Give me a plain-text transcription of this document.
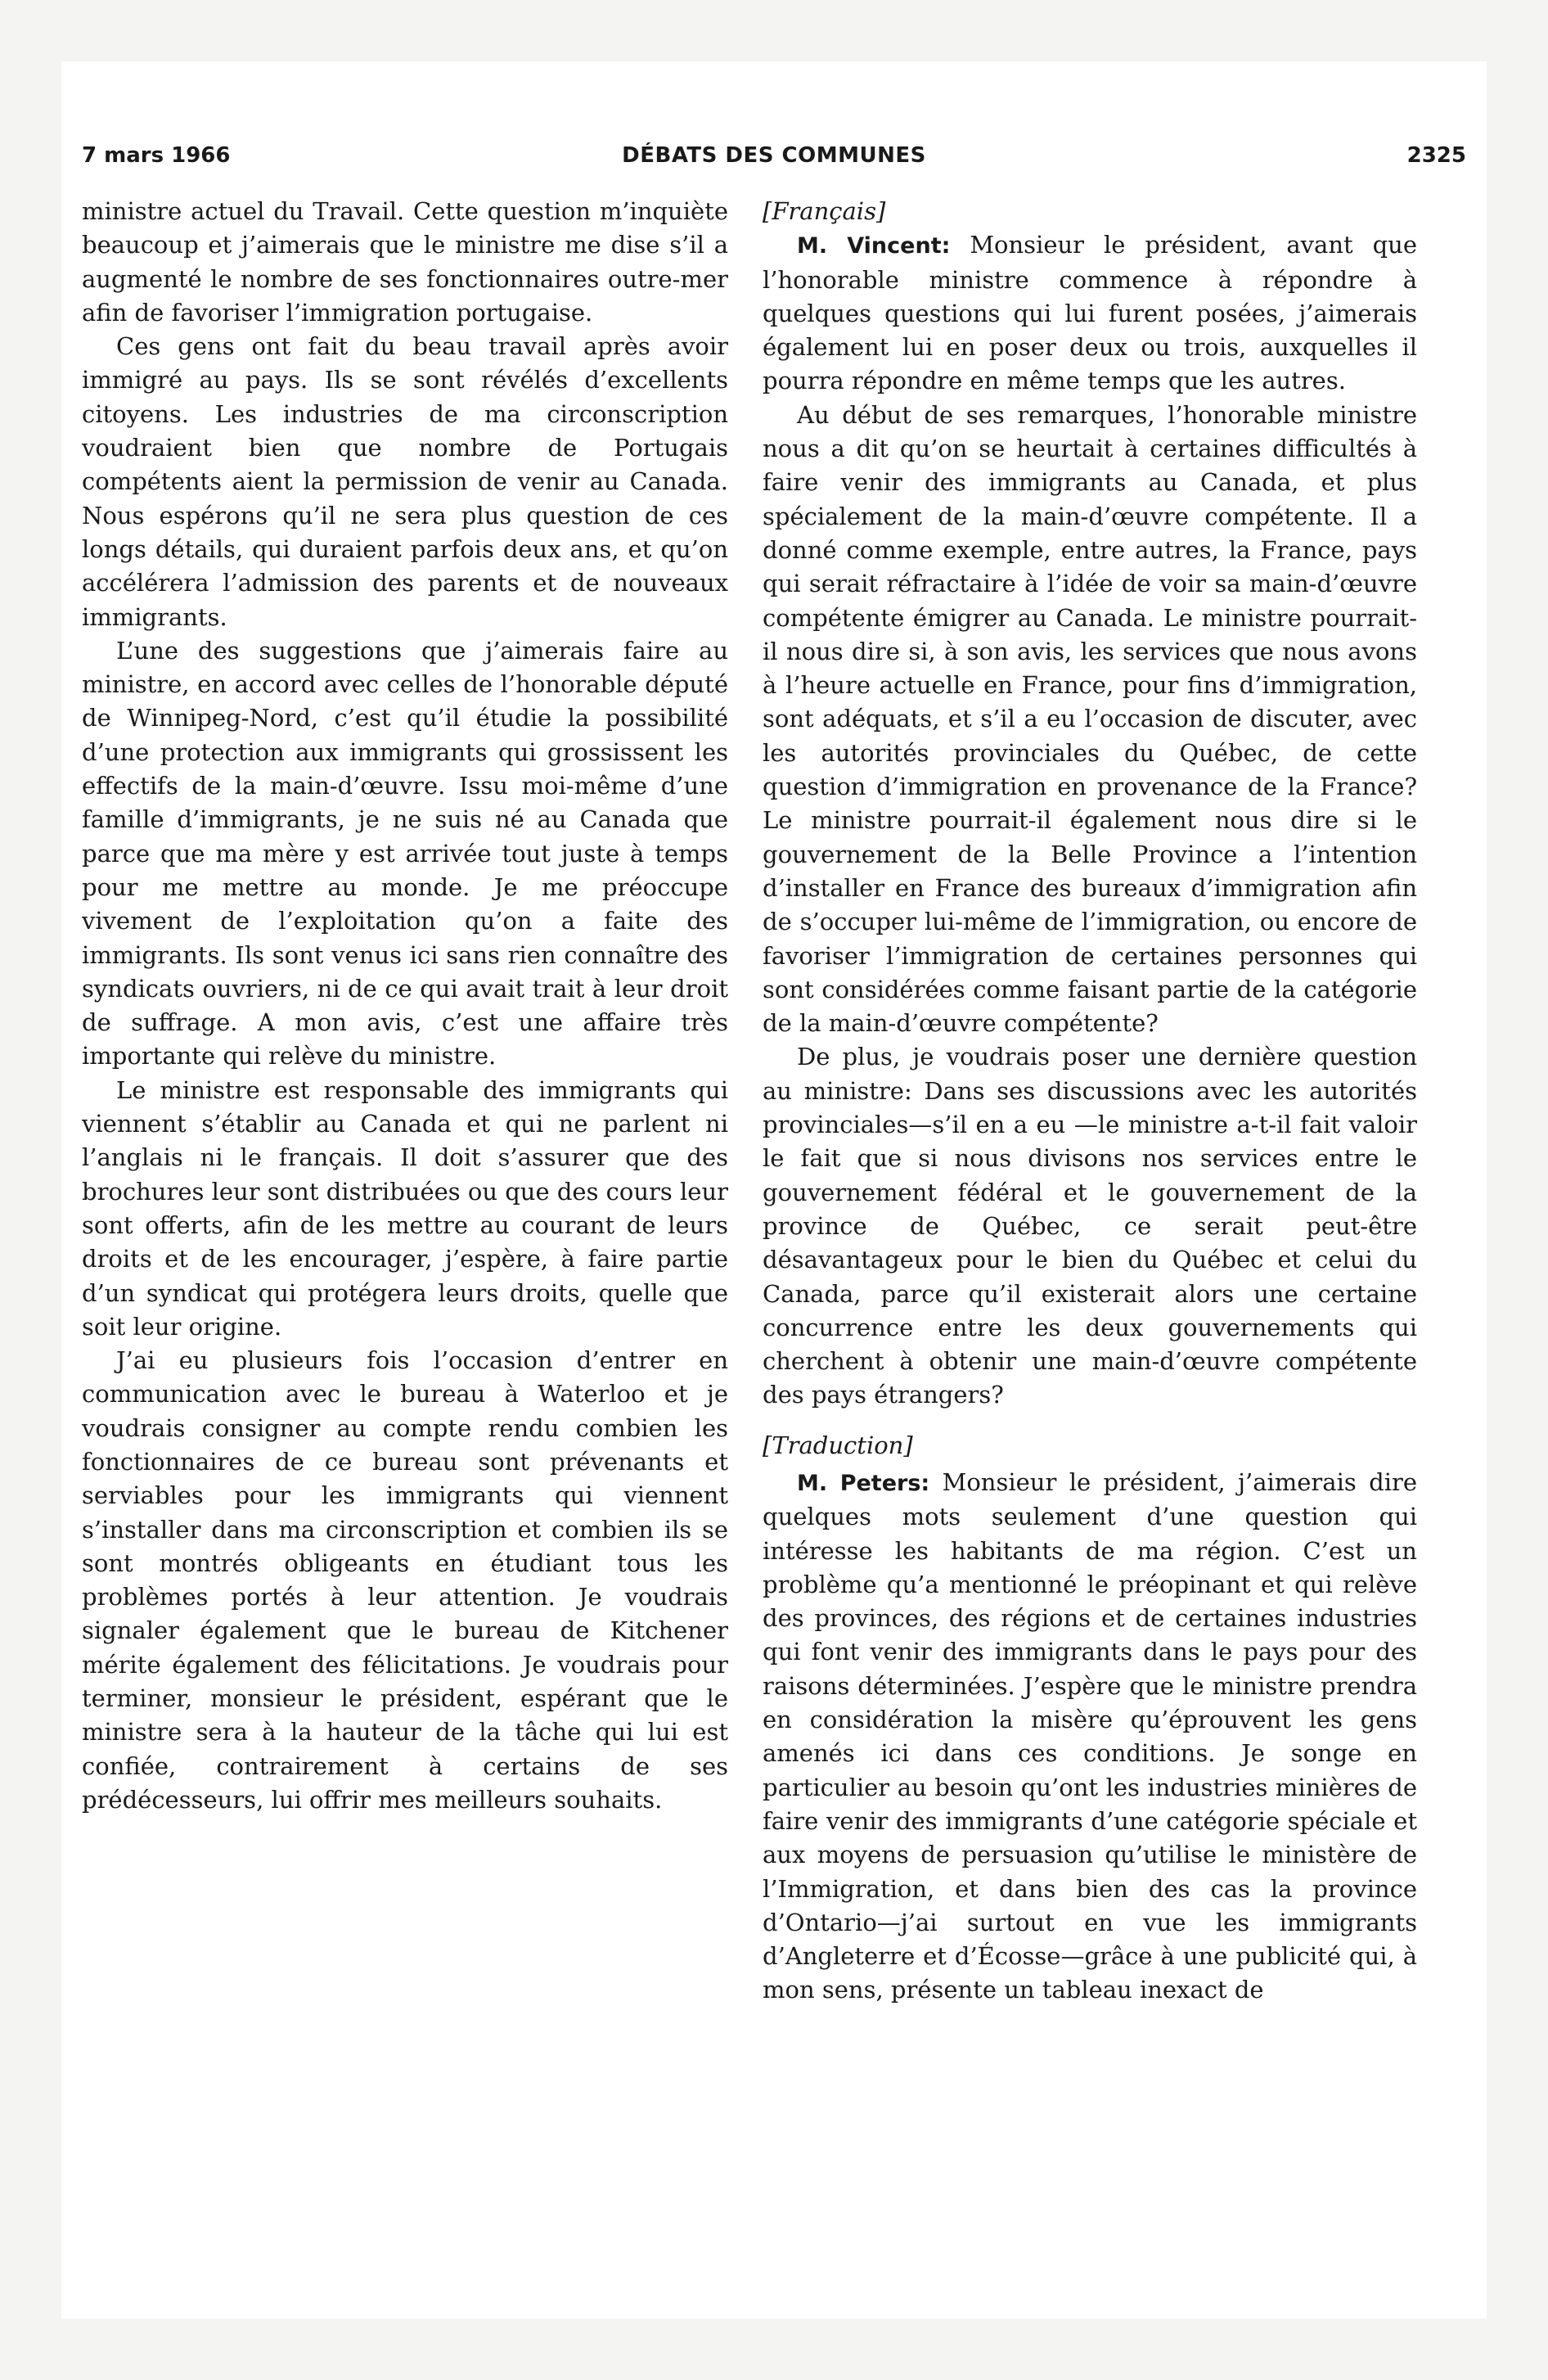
7 mars 1966	DÉBATS DES COMMUNES	2325

ministre actuel du Travail. Cette question m’inquiète beaucoup et j’aimerais que le ministre me dise s’il a augmenté le nombre de ses fonctionnaires outre-mer afin de favoriser l’immigration portugaise.

Ces gens ont fait du beau travail après avoir immigré au pays. Ils se sont révélés d’excellents citoyens. Les industries de ma circonscription voudraient bien que nombre de Portugais compétents aient la permission de venir au Canada. Nous espérons qu’il ne sera plus question de ces longs détails, qui duraient parfois deux ans, et qu’on accélérera l’admission des parents et de nouveaux immigrants.

L’une des suggestions que j’aimerais faire au ministre, en accord avec celles de l’honorable député de Winnipeg-Nord, c’est qu’il étudie la possibilité d’une protection aux immigrants qui grossissent les effectifs de la main-d’œuvre. Issu moi-même d’une famille d’immigrants, je ne suis né au Canada que parce que ma mère y est arrivée tout juste à temps pour me mettre au monde. Je me préoccupe vivement de l’exploitation qu’on a faite des immigrants. Ils sont venus ici sans rien connaître des syndicats ouvriers, ni de ce qui avait trait à leur droit de suffrage. A mon avis, c’est une affaire très importante qui relève du ministre.

Le ministre est responsable des immigrants qui viennent s’établir au Canada et qui ne parlent ni l’anglais ni le français. Il doit s’assurer que des brochures leur sont distribuées ou que des cours leur sont offerts, afin de les mettre au courant de leurs droits et de les encourager, j’espère, à faire partie d’un syndicat qui protégera leurs droits, quelle que soit leur origine.

J’ai eu plusieurs fois l’occasion d’entrer en communication avec le bureau à Waterloo et je voudrais consigner au compte rendu combien les fonctionnaires de ce bureau sont prévenants et serviables pour les immigrants qui viennent s’installer dans ma circonscription et combien ils se sont montrés obligeants en étudiant tous les problèmes portés à leur attention. Je voudrais signaler également que le bureau de Kitchener mérite également des félicitations. Je voudrais pour terminer, monsieur le président, espérant que le ministre sera à la hauteur de la tâche qui lui est confiée, contrairement à certains de ses prédécesseurs, lui offrir mes meilleurs souhaits.

[Français]

M. Vincent: Monsieur le président, avant que l’honorable ministre commence à répondre à quelques questions qui lui furent posées, j’aimerais également lui en poser deux ou trois, auxquelles il pourra répondre en même temps que les autres.

Au début de ses remarques, l’honorable ministre nous a dit qu’on se heurtait à certaines difficultés à faire venir des immigrants au Canada, et plus spécialement de la main-d’œuvre compétente. Il a donné comme exemple, entre autres, la France, pays qui serait réfractaire à l’idée de voir sa main-d’œuvre compétente émigrer au Canada. Le ministre pourrait-il nous dire si, à son avis, les services que nous avons à l’heure actuelle en France, pour fins d’immigration, sont adéquats, et s’il a eu l’occasion de discuter, avec les autorités provinciales du Québec, de cette question d’immigration en provenance de la France? Le ministre pourrait-il également nous dire si le gouvernement de la Belle Province a l’intention d’installer en France des bureaux d’immigration afin de s’occuper lui-même de l’immigration, ou encore de favoriser l’immigration de certaines personnes qui sont considérées comme faisant partie de la catégorie de la main-d’œuvre compétente?

De plus, je voudrais poser une dernière question au ministre: Dans ses discussions avec les autorités provinciales—s’il en a eu —le ministre a-t-il fait valoir le fait que si nous divisons nos services entre le gouvernement fédéral et le gouvernement de la province de Québec, ce serait peut-être désavantageux pour le bien du Québec et celui du Canada, parce qu’il existerait alors une certaine concurrence entre les deux gouvernements qui cherchent à obtenir une main-d’œuvre compétente des pays étrangers?

[Traduction]

M. Peters: Monsieur le président, j’aimerais dire quelques mots seulement d’une question qui intéresse les habitants de ma région. C’est un problème qu’a mentionné le préopinant et qui relève des provinces, des régions et de certaines industries qui font venir des immigrants dans le pays pour des raisons déterminées. J’espère que le ministre prendra en considération la misère qu’éprouvent les gens amenés ici dans ces conditions. Je songe en particulier au besoin qu’ont les industries minières de faire venir des immigrants d’une catégorie spéciale et aux moyens de persuasion qu’utilise le ministère de l’Immigration, et dans bien des cas la province d’Ontario—j’ai surtout en vue les immigrants d’Angleterre et d’Écosse—grâce à une publicité qui, à mon sens, présente un tableau inexact de
